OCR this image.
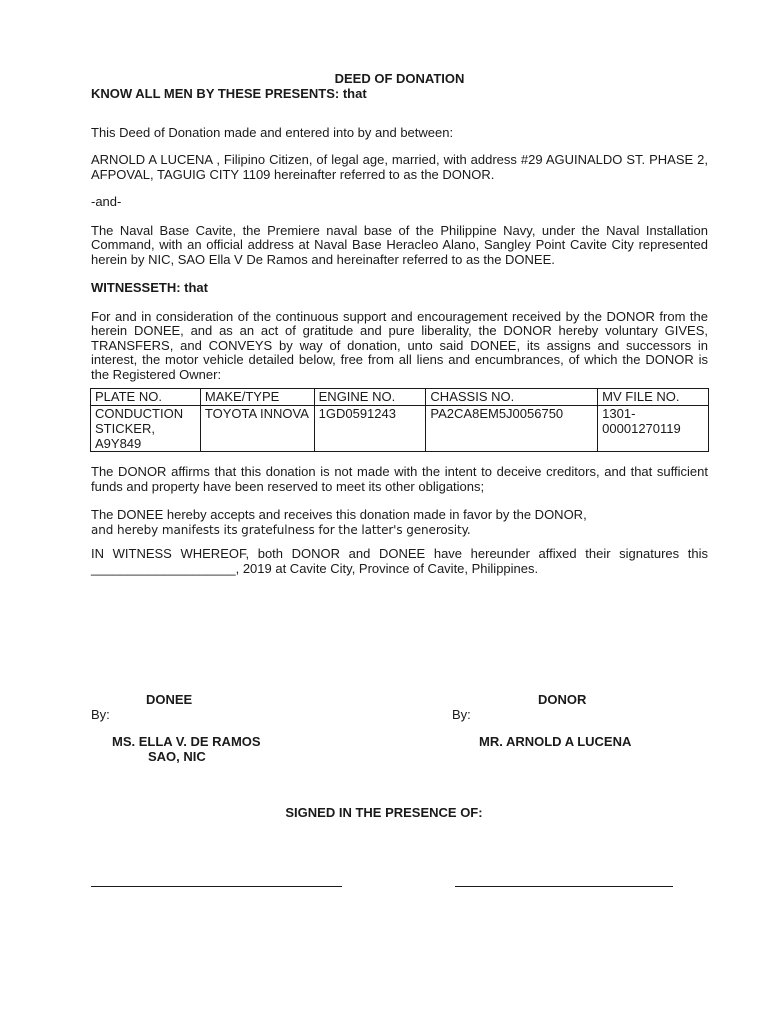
DEED OF DONATION

KNOW ALL MEN BY THESE PRESENTS: that

This Deed of Donation made and entered into by and between:

ARNOLD A LUCENA , Filipino Citizen, of legal age, married, with address #29 AGUINALDO ST. PHASE 2, AFPOVAL, TAGUIG CITY 1109 hereinafter referred to as the DONOR.

-and-

The Naval Base Cavite, the Premiere naval base of the Philippine Navy, under the Naval Installation Command, with an official address at Naval Base Heracleo Alano, Sangley Point Cavite City represented herein by NIC, SAO Ella V De Ramos and hereinafter referred to as the DONEE.

WITNESSETH: that

For and in consideration of the continuous support and encouragement received by the DONOR from the herein DONEE, and as an act of gratitude and pure liberality, the DONOR hereby voluntary GIVES, TRANSFERS, and CONVEYS by way of donation, unto said DONEE, its assigns and successors in interest, the motor vehicle detailed below, free from all liens and encumbrances, of which the DONOR is the Registered Owner:

PLATE NO.	MAKE/TYPE	ENGINE NO.	CHASSIS NO.	MV FILE NO.
CONDUCTION STICKER, A9Y849	TOYOTA INNOVA	1GD0591243	PA2CA8EM5J0056750	1301-00001270119

The DONOR affirms that this donation is not made with the intent to deceive creditors, and that sufficient funds and property have been reserved to meet its other obligations;

The DONEE hereby accepts and receives this donation made in favor by the DONOR,
and hereby manifests its gratefulness for the latter's generosity.

IN WITNESS WHEREOF, both DONOR and DONEE have hereunder affixed their signatures this ____________________, 2019 at Cavite City, Province of Cavite, Philippines.

DONEE
By:
MS. ELLA V. DE RAMOS
SAO, NIC
DONOR
By:
MR. ARNOLD A LUCENA
SIGNED IN THE PRESENCE OF:
